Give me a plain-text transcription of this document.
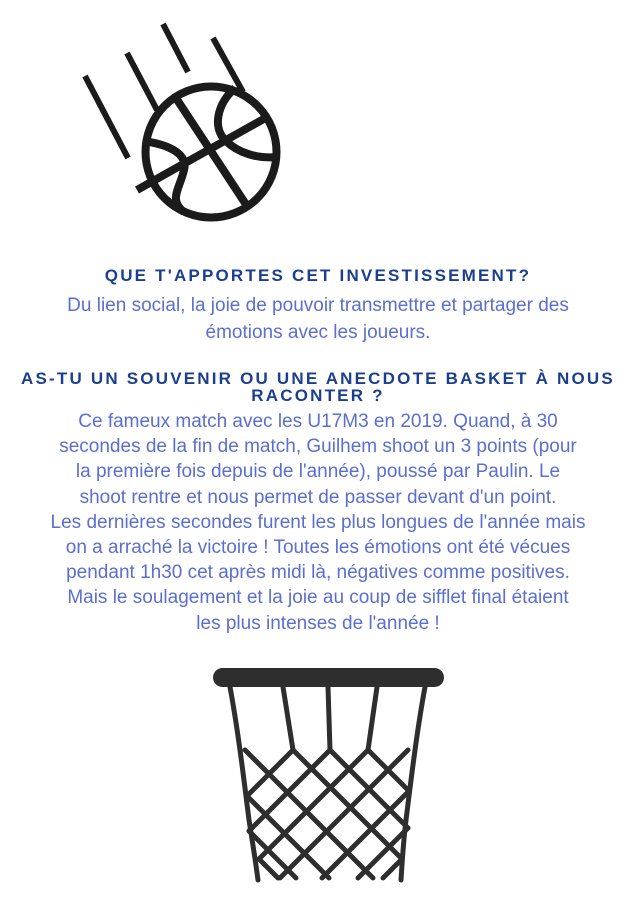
QUE T'APPORTES CET INVESTISSEMENT?

Du lien social, la joie de pouvoir transmettre et partager des
émotions avec les joueurs.

AS-TU UN SOUVENIR OU UNE ANECDOTE BASKET À NOUS
RACONTER ?

Ce fameux match avec les U17M3 en 2019. Quand, à 30
secondes de la fin de match, Guilhem shoot un 3 points (pour
la première fois depuis de l'année), poussé par Paulin. Le
shoot rentre et nous permet de passer devant d'un point.
Les dernières secondes furent les plus longues de l'année mais
on a arraché la victoire ! Toutes les émotions ont été vécues
pendant 1h30 cet après midi là, négatives comme positives.
Mais le soulagement et la joie au coup de sifflet final étaient
les plus intenses de l'année !
